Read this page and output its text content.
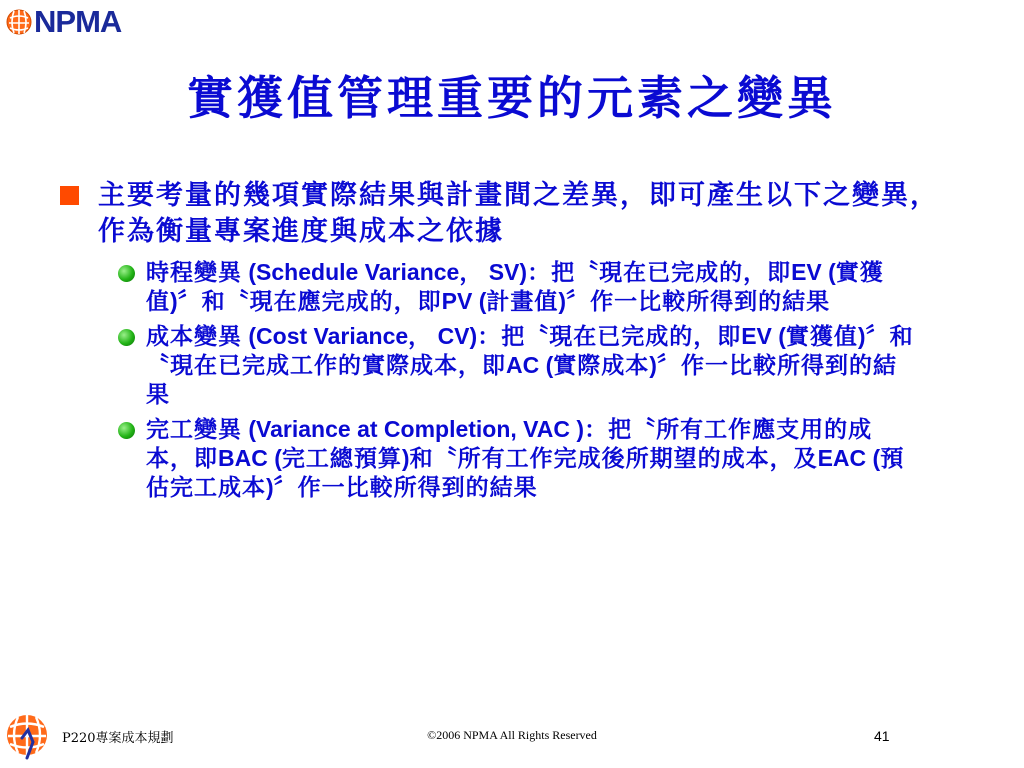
NPMA
實獲值管理重要的元素之變異
主要考量的幾項實際結果與計畫間之差異，即可產生以下之變異，作為衡量專案進度與成本之依據
時程變異 (Schedule Variance， SV)：把〝現在已完成的，即EV (實獲值)〞和〝現在應完成的，即PV (計畫值)〞作一比較所得到的結果
成本變異 (Cost Variance， CV)：把〝現在已完成的，即EV (實獲值)〞和〝現在已完成工作的實際成本，即AC (實際成本)〞作一比較所得到的結果
完工變異 (Variance at Completion, VAC )：把〝所有工作應支用的成本，即BAC (完工總預算)和〝所有工作完成後所期望的成本，及EAC (預估完工成本)〞作一比較所得到的結果
P220專案成本規劃	©2006 NPMA All Rights Reserved	41
